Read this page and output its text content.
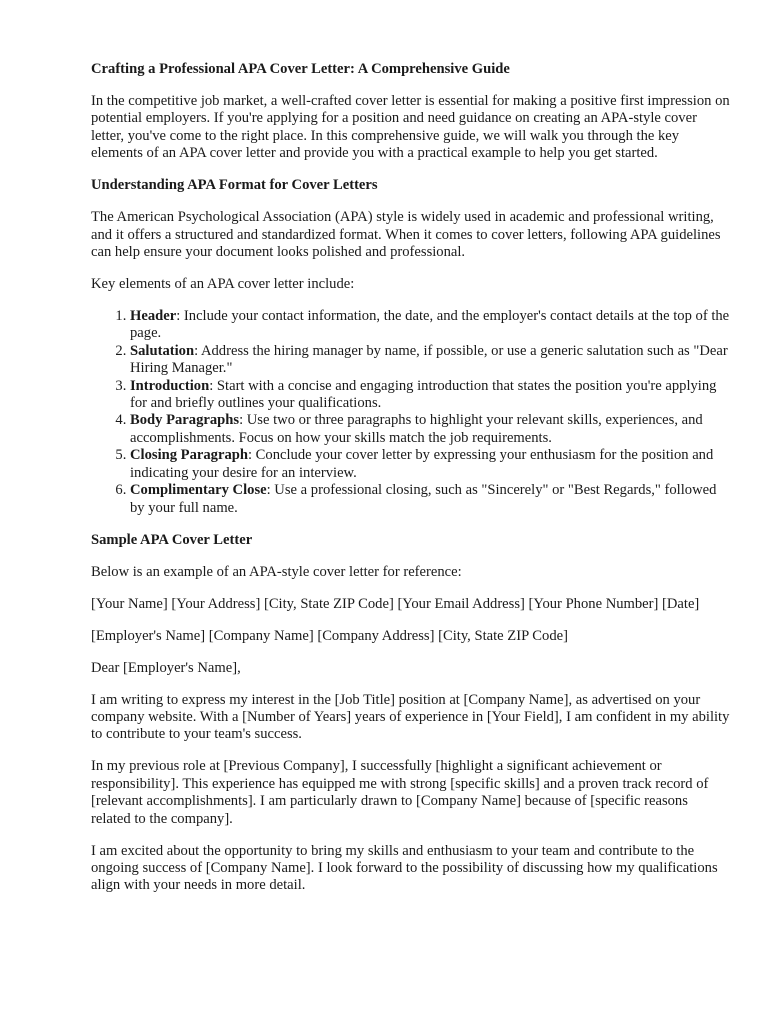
Crafting a Professional APA Cover Letter: A Comprehensive Guide

In the competitive job market, a well-crafted cover letter is essential for making a positive first impression on potential employers. If you're applying for a position and need guidance on creating an APA-style cover letter, you've come to the right place. In this comprehensive guide, we will walk you through the key elements of an APA cover letter and provide you with a practical example to help you get started.

Understanding APA Format for Cover Letters

The American Psychological Association (APA) style is widely used in academic and professional writing, and it offers a structured and standardized format. When it comes to cover letters, following APA guidelines can help ensure your document looks polished and professional.

Key elements of an APA cover letter include:

1. Header: Include your contact information, the date, and the employer's contact details at the top of the page.
2. Salutation: Address the hiring manager by name, if possible, or use a generic salutation such as "Dear Hiring Manager."
3. Introduction: Start with a concise and engaging introduction that states the position you're applying for and briefly outlines your qualifications.
4. Body Paragraphs: Use two or three paragraphs to highlight your relevant skills, experiences, and accomplishments. Focus on how your skills match the job requirements.
5. Closing Paragraph: Conclude your cover letter by expressing your enthusiasm for the position and indicating your desire for an interview.
6. Complimentary Close: Use a professional closing, such as "Sincerely" or "Best Regards," followed by your full name.
Sample APA Cover Letter

Below is an example of an APA-style cover letter for reference:

[Your Name] [Your Address] [City, State ZIP Code] [Your Email Address] [Your Phone Number] [Date]

[Employer's Name] [Company Name] [Company Address] [City, State ZIP Code]

Dear [Employer's Name],

I am writing to express my interest in the [Job Title] position at [Company Name], as advertised on your company website. With a [Number of Years] years of experience in [Your Field], I am confident in my ability to contribute to your team's success.

In my previous role at [Previous Company], I successfully [highlight a significant achievement or responsibility]. This experience has equipped me with strong [specific skills] and a proven track record of [relevant accomplishments]. I am particularly drawn to [Company Name] because of [specific reasons related to the company].

I am excited about the opportunity to bring my skills and enthusiasm to your team and contribute to the ongoing success of [Company Name]. I look forward to the possibility of discussing how my qualifications align with your needs in more detail.
